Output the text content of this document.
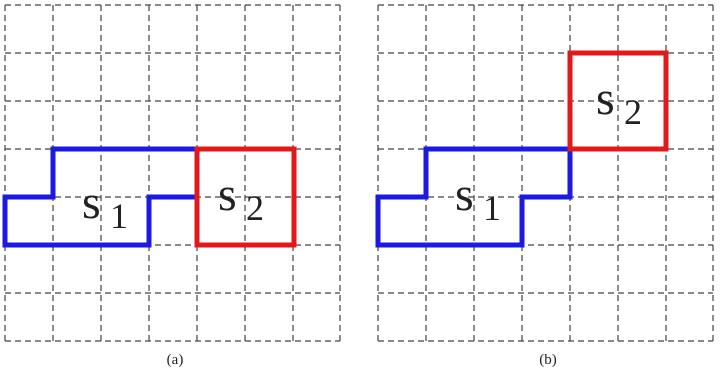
s 1 s 2
(a)
s 1
s 2
(b)
